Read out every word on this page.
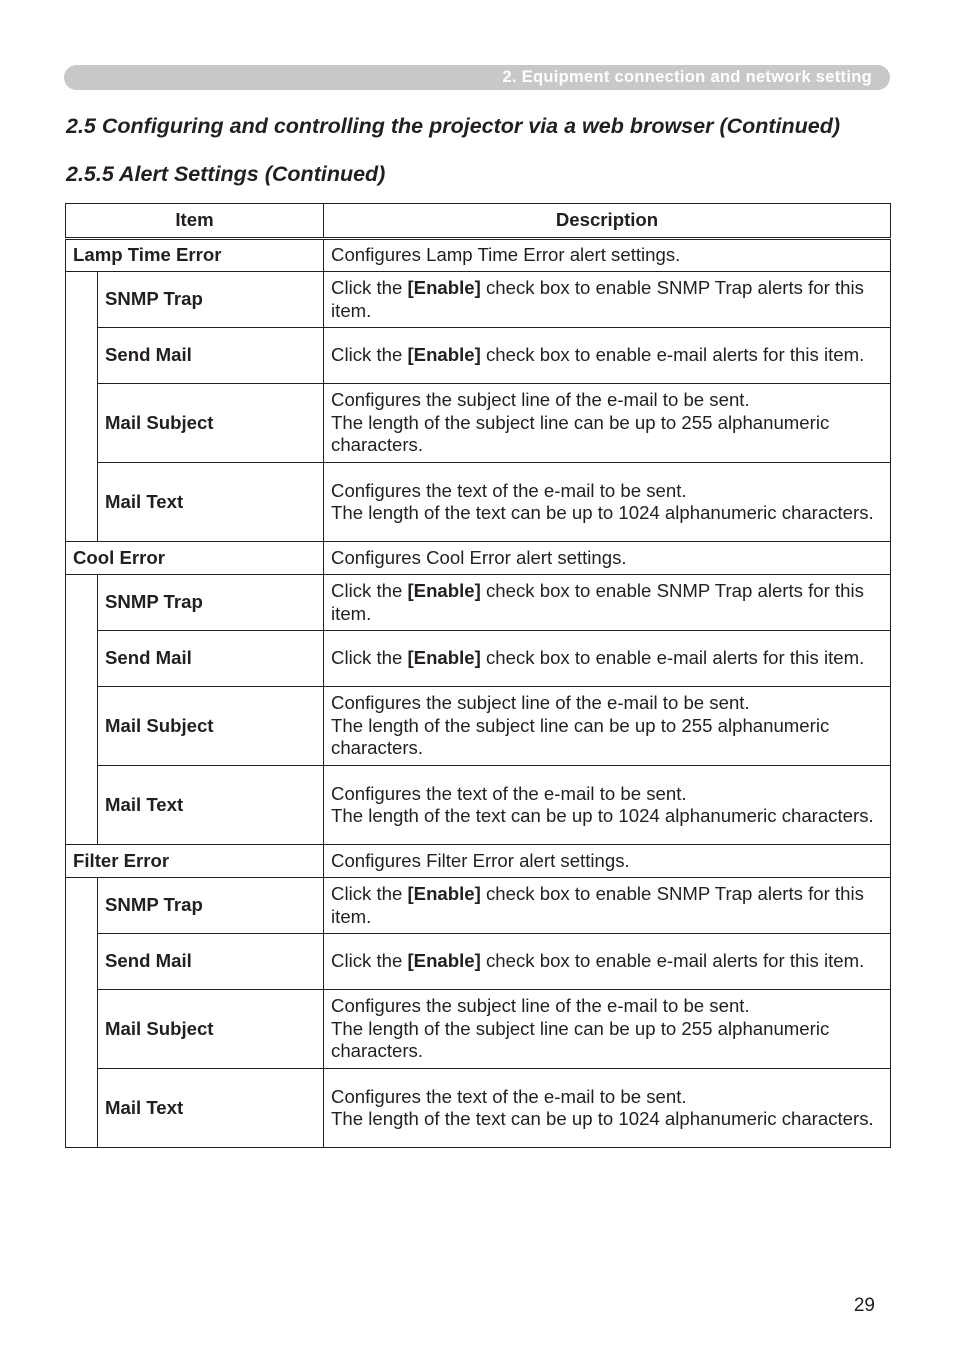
2. Equipment connection and network setting
2.5 Configuring and controlling the projector via a web browser (Continued)
2.5.5 Alert Settings (Continued)
Item		Description
Lamp Time Error		Configures Lamp Time Error alert settings.
	SNMP Trap	Click the [Enable] check box to enable SNMP Trap alerts for this item.
	Send Mail	Click the [Enable] check box to enable e-mail alerts for this item.
	Mail Subject	Configures the subject line of the e-mail to be sent.
The length of the subject line can be up to 255 alphanumeric characters.

	Mail Text	Configures the text of the e-mail to be sent.
The length of the text can be up to 1024 alphanumeric characters.

Cool Error		Configures Cool Error alert settings.
	SNMP Trap	Click the [Enable] check box to enable SNMP Trap alerts for this item.
	Send Mail	Click the [Enable] check box to enable e-mail alerts for this item.
	Mail Subject	Configures the subject line of the e-mail to be sent.
The length of the subject line can be up to 255 alphanumeric characters.

	Mail Text	Configures the text of the e-mail to be sent.
The length of the text can be up to 1024 alphanumeric characters.

Filter Error		Configures Filter Error alert settings.
	SNMP Trap	Click the [Enable] check box to enable SNMP Trap alerts for this item.
	Send Mail	Click the [Enable] check box to enable e-mail alerts for this item.
	Mail Subject	Configures the subject line of the e-mail to be sent.
The length of the subject line can be up to 255 alphanumeric characters.

	Mail Text	Configures the text of the e-mail to be sent.
The length of the text can be up to 1024 alphanumeric characters.
29
